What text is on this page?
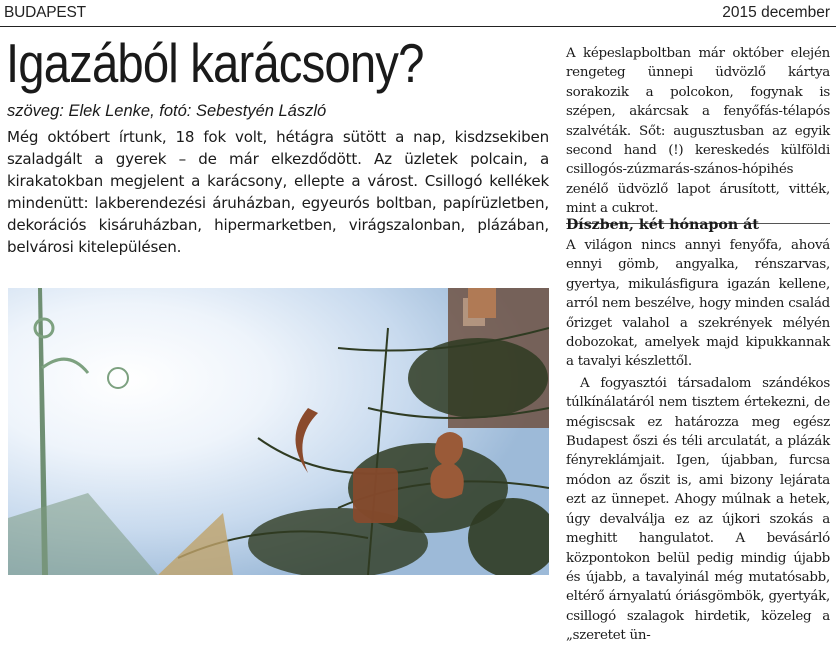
BUDAPEST	2015 december
Igazából karácsony?
szöveg: Elek Lenke, fotó: Sebestyén László

Még októbert írtunk, 18 fok volt, hétágra sütött a nap, kisdzsekiben szaladgált a gyerek – de már elkezdődött. Az üzletek polcain, a kirakatokban megjelent a karácsony, ellepte a várost. Csillogó kellékek mindenütt: lakberendezési áruházban, egyeurós boltban, papírüzletben, dekorációs kisáruházban, hipermarketben, virágszalonban, plázában, belvárosi kitelepülésen.

A képeslapboltban már október elején rengeteg ünnepi üdvözlő kártya sorakozik a polcokon, fogynak is szépen, akárcsak a fenyőfás-télapós szalvéták. Sőt: augusztusban az egyik second hand (!) kereskedés külföldi csillogós-zúzmarás-szános-hópihés zenélő üdvözlő lapot árusított, vitték, mint a cukrot.

Díszben, két hónapon át

A világon nincs annyi fenyőfa, ahová ennyi gömb, angyalka, rénszarvas, gyertya, mikulásfigura igazán kellene, arról nem beszélve, hogy minden család őrizget valahol a szekrények mélyén dobozokat, amelyek majd kipukkannak a tavalyi készlettől.

A fogyasztói társadalom szándékos túlkínálatáról nem tisztem értekezni, de mégiscsak ez határozza meg egész Budapest őszi és téli arculatát, a plázák fényreklámjait. Igen, újabban, furcsa módon az őszit is, ami bizony lejárata ezt az ünnepet. Ahogy múlnak a hetek, úgy devalválja ez az újkori szokás a meghitt hangulatot. A bevásárló központokon belül pedig mindig újabb és újabb, a tavalyinál még mutatósabb, eltérő árnyalatú óriásgömbök, gyertyák, csillogó szalagok hirdetik, közeleg a „szeretet ün-
